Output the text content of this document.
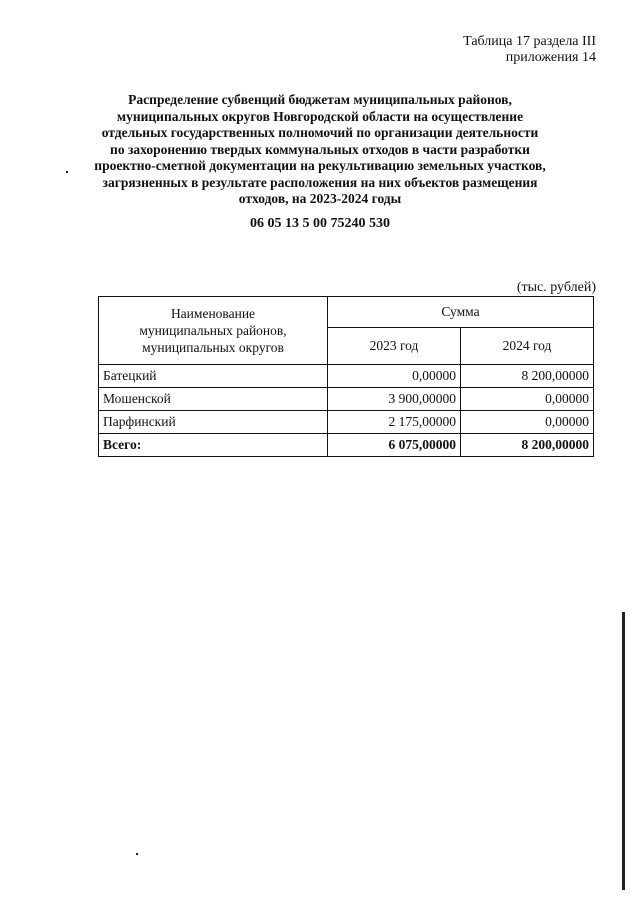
Таблица 17 раздела III
приложения 14
Распределение субвенций бюджетам муниципальных районов,
муниципальных округов Новгородской области на осуществление
отдельных государственных полномочий по организации деятельности
по захоронению твердых коммунальных отходов в части разработки
проектно-сметной документации на рекультивацию земельных участков,
загрязненных в результате расположения на них объектов размещения
отходов, на 2023-2024 годы
06 05 13 5 00 75240 530
(тыс. рублей)
Наименование
муниципальных районов,
муниципальных округов	Сумма	
	2023 год	2024 год
Батецкий	0,00000	8 200,00000
Мошенской	3 900,00000	0,00000
Парфинский	2 175,00000	0,00000
Всего:	6 075,00000	8 200,00000
